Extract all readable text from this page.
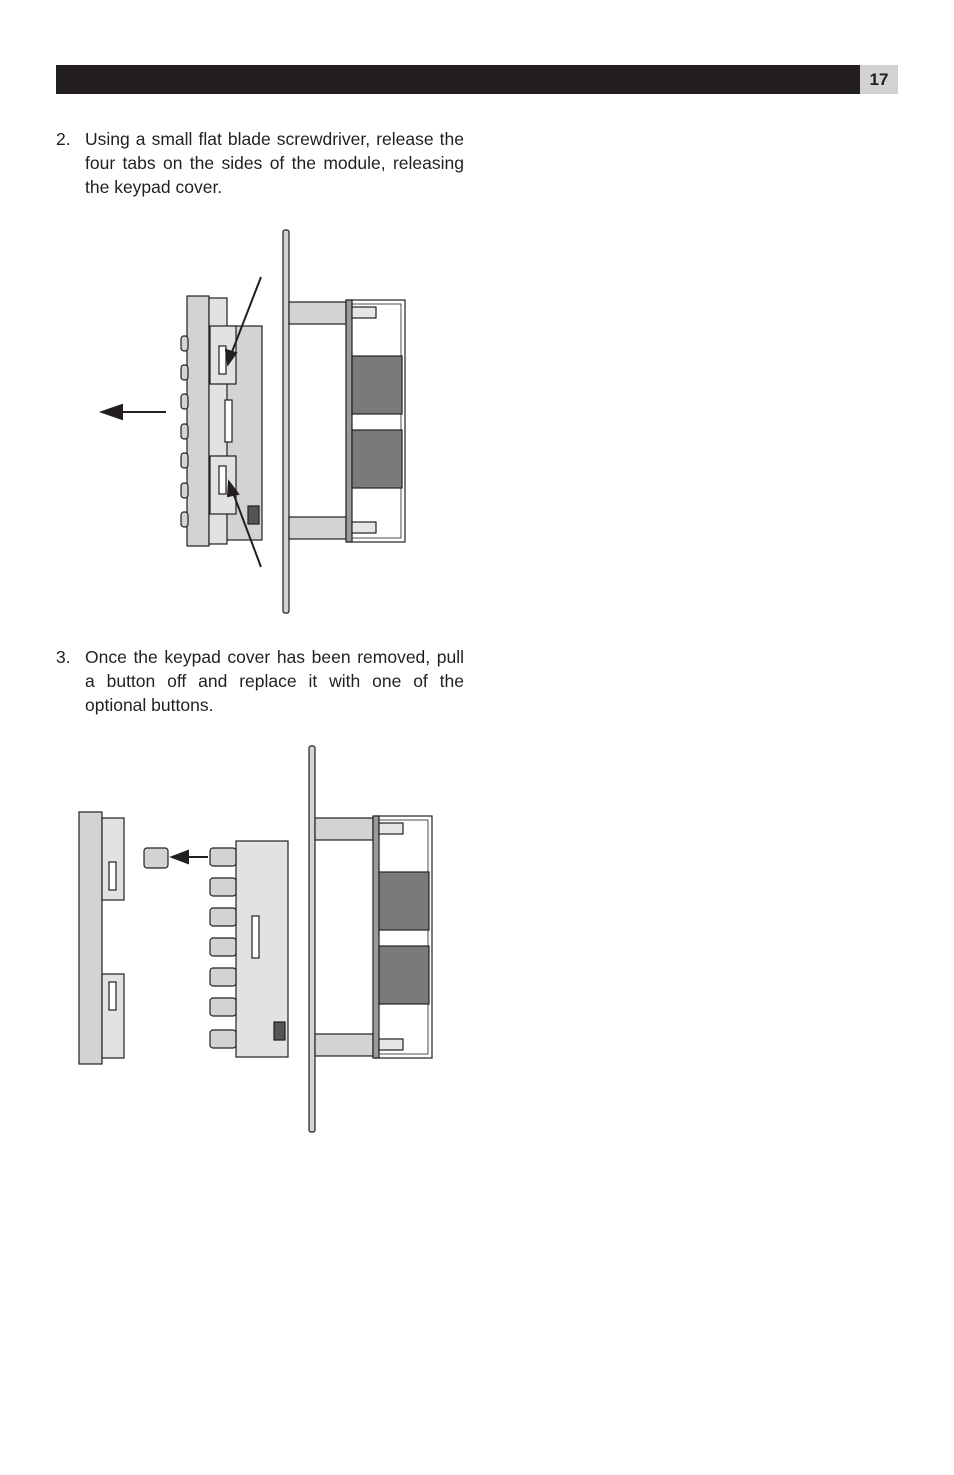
17
2. Using a small flat blade screwdriver, release the four tabs on the sides of the module, releasing the keypad cover.
3. Once the keypad cover has been removed, pull a button off and replace it with one of the optional buttons.
